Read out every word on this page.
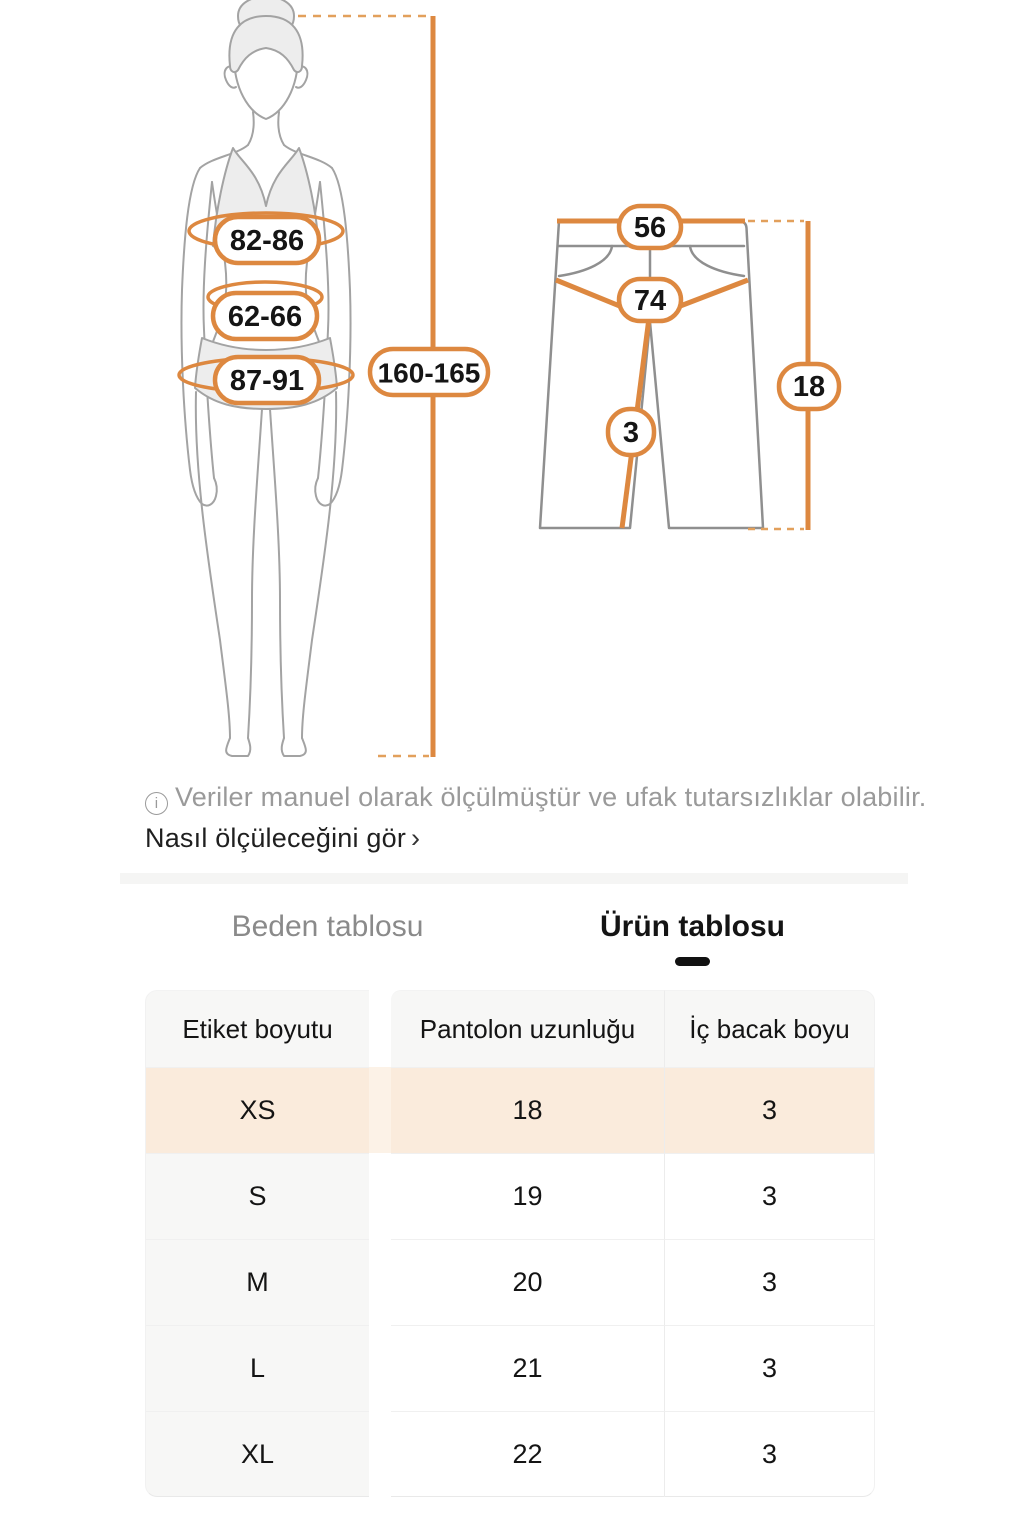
82-86
62-66
87-91	160-165
56
74
3
18
i Veriler manuel olarak ölçülmüştür ve ufak tutarsızlıklar olabilir. Nasıl ölçüleceğini gör ›
Beden tablosu	Ürün tablosu
Etiket boyutu	Pantolon uzunluğu	İç bacak boyu
XS	18	3
S	19	3
M	20	3
L	21	3
XL	22	3
